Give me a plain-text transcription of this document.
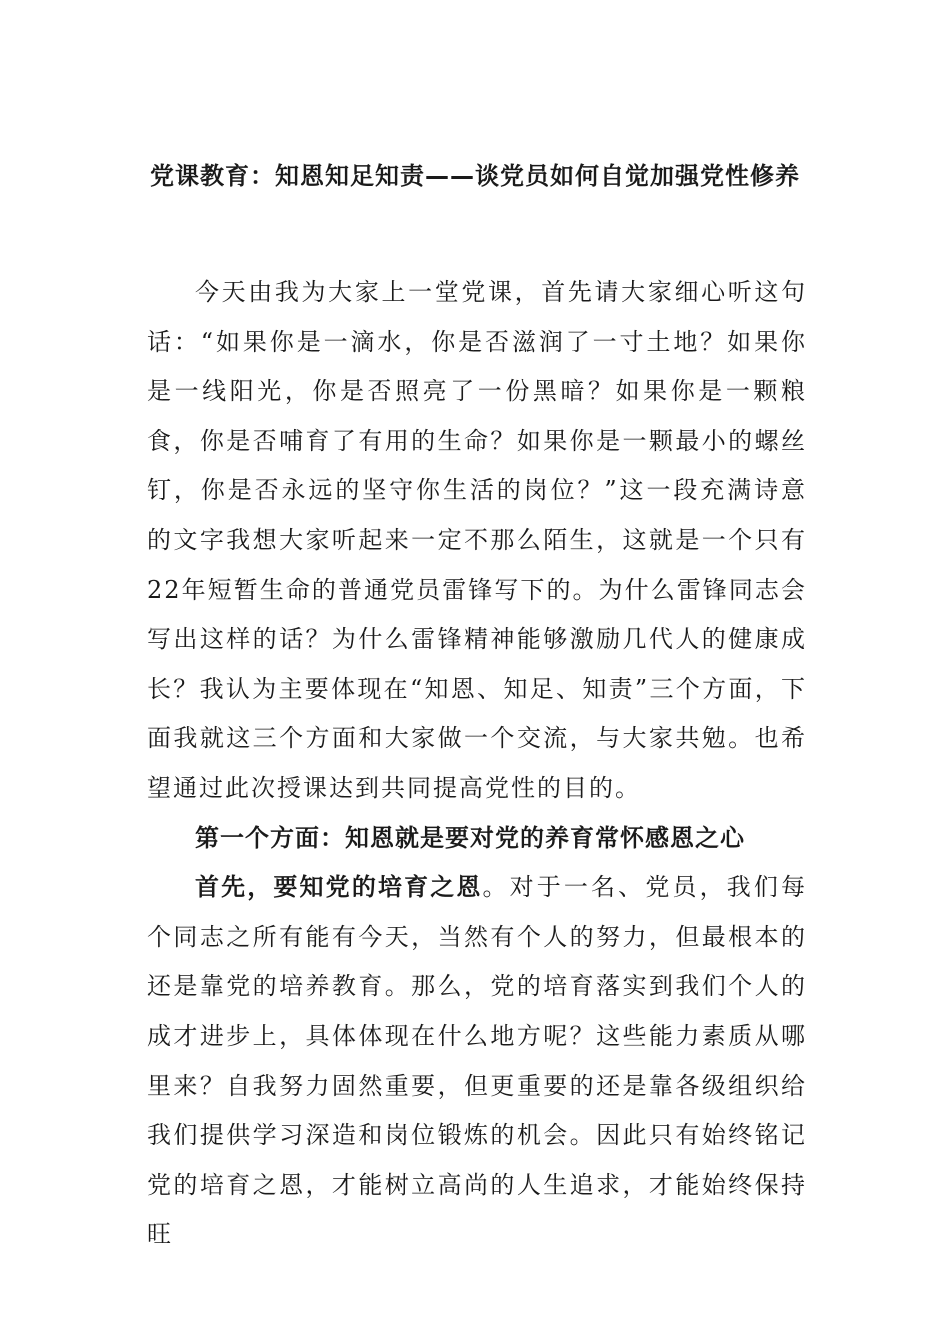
党课教育：知恩知足知责——谈党员如何自觉加强党性修养

今天由我为大家上一堂党课，首先请大家细心听这句话：“如果你是一滴水，你是否滋润了一寸土地？如果你是一线阳光，你是否照亮了一份黑暗？如果你是一颗粮食，你是否哺育了有用的生命？如果你是一颗最小的螺丝钉，你是否永远的坚守你生活的岗位？”这一段充满诗意的文字我想大家听起来一定不那么陌生，这就是一个只有22年短暂生命的普通党员雷锋写下的。为什么雷锋同志会写出这样的话？为什么雷锋精神能够激励几代人的健康成长？我认为主要体现在“知恩、知足、知责”三个方面，下面我就这三个方面和大家做一个交流，与大家共勉。也希望通过此次授课达到共同提高党性的目的。

第一个方面：知恩就是要对党的养育常怀感恩之心

首先，要知党的培育之恩。对于一名、党员，我们每个同志之所有能有今天，当然有个人的努力，但最根本的还是靠党的培养教育。那么，党的培育落实到我们个人的成才进步上，具体体现在什么地方呢？这些能力素质从哪里来？自我努力固然重要，但更重要的还是靠各级组织给我们提供学习深造和岗位锻炼的机会。因此只有始终铭记党的培育之恩，才能树立高尚的人生追求，才能始终保持旺
